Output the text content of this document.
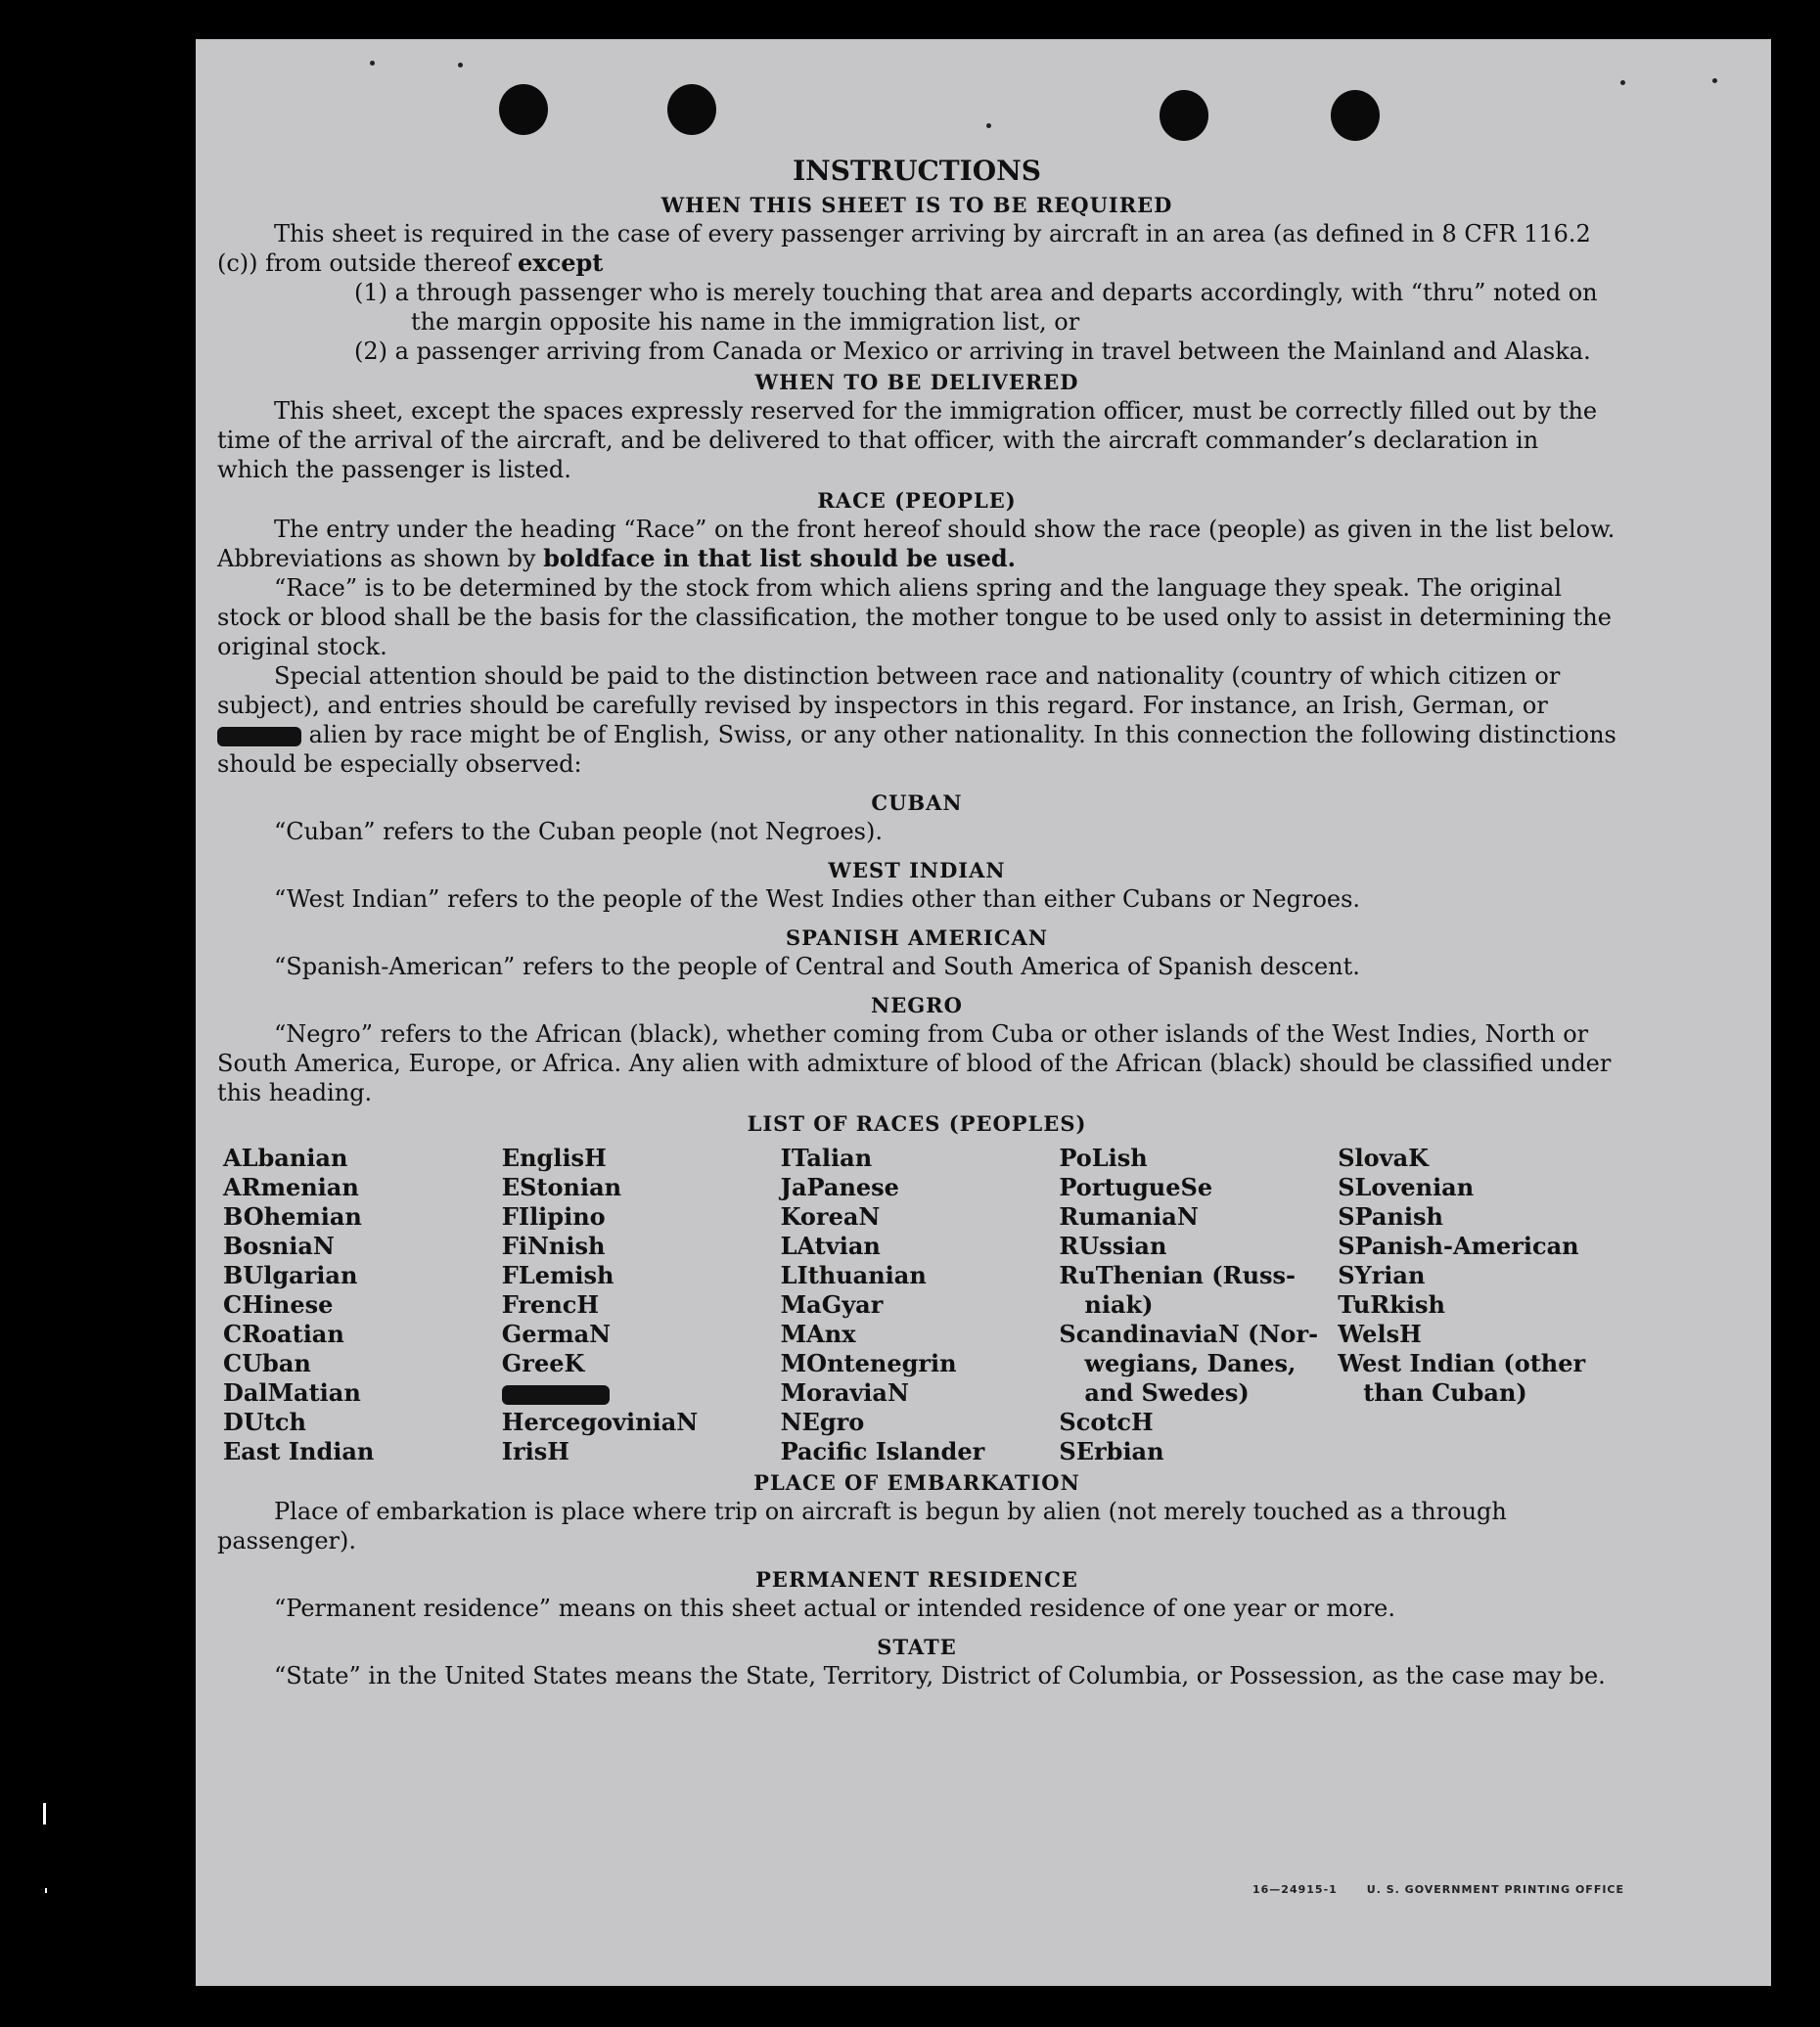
INSTRUCTIONS
WHEN THIS SHEET IS TO BE REQUIRED

This sheet is required in the case of every passenger arriving by aircraft in an area (as defined in 8 CFR 116.2 (c)) from outside thereof except

(1) a through passenger who is merely touching that area and departs accordingly, with “thru” noted on the margin opposite his name in the immigration list, or

(2) a passenger arriving from Canada or Mexico or arriving in travel between the Mainland and Alaska.

WHEN TO BE DELIVERED

This sheet, except the spaces expressly reserved for the immigration officer, must be correctly filled out by the time of the arrival of the aircraft, and be delivered to that officer, with the aircraft commander’s declaration in which the passenger is listed.

RACE (PEOPLE)

The entry under the heading “Race” on the front hereof should show the race (people) as given in the list below. Abbreviations as shown by boldface in that list should be used.

“Race” is to be determined by the stock from which aliens spring and the language they speak. The original stock or blood shall be the basis for the classification, the mother tongue to be used only to assist in determining the original stock.

Special attention should be paid to the distinction between race and nationality (country of which citizen or subject), and entries should be carefully revised by inspectors in this regard. For instance, an Irish, German, or  alien by race might be of English, Swiss, or any other nationality. In this connection the following distinctions should be especially observed:

CUBAN

“Cuban” refers to the Cuban people (not Negroes).

WEST INDIAN

“West Indian” refers to the people of the West Indies other than either Cubans or Negroes.

SPANISH AMERICAN

“Spanish-American” refers to the people of Central and South America of Spanish descent.

NEGRO

“Negro” refers to the African (black), whether coming from Cuba or other islands of the West Indies, North or South America, Europe, or Africa. Any alien with admixture of blood of the African (black) should be classified under this heading.

LIST OF RACES (PEOPLES)
ALbanian
ARmenian
BOhemian
BosniaN
BUlgarian
CHinese
CRoatian
CUban
DalMatian
DUtch
East Indian
EnglisH
EStonian
FIlipino
FiNnish
FLemish
FrencH
GermaN
GreeK
HercegoviniaN
IrisH
ITalian
JaPanese
KoreaN
LAtvian
LIthuanian
MaGyar
MAnx
MOntenegrin
MoraviaN
NEgro
Pacific Islander
PoLish
PortugueSe
RumaniaN
RUssian
RuThenian (Russ-
niak)
ScandinaviaN (Nor-
wegians, Danes,
and Swedes)
ScotcH
SErbian
SlovaK
SLovenian
SPanish
SPanish-American
SYrian
TuRkish
WelsH
West Indian (other
than Cuban)
PLACE OF EMBARKATION

Place of embarkation is place where trip on aircraft is begun by alien (not merely touched as a through passenger).

PERMANENT RESIDENCE

“Permanent residence” means on this sheet actual or intended residence of one year or more.

STATE

“State” in the United States means the State, Territory, District of Columbia, or Possession, as the case may be.

16—24915-1	U. S. GOVERNMENT PRINTING OFFICE
